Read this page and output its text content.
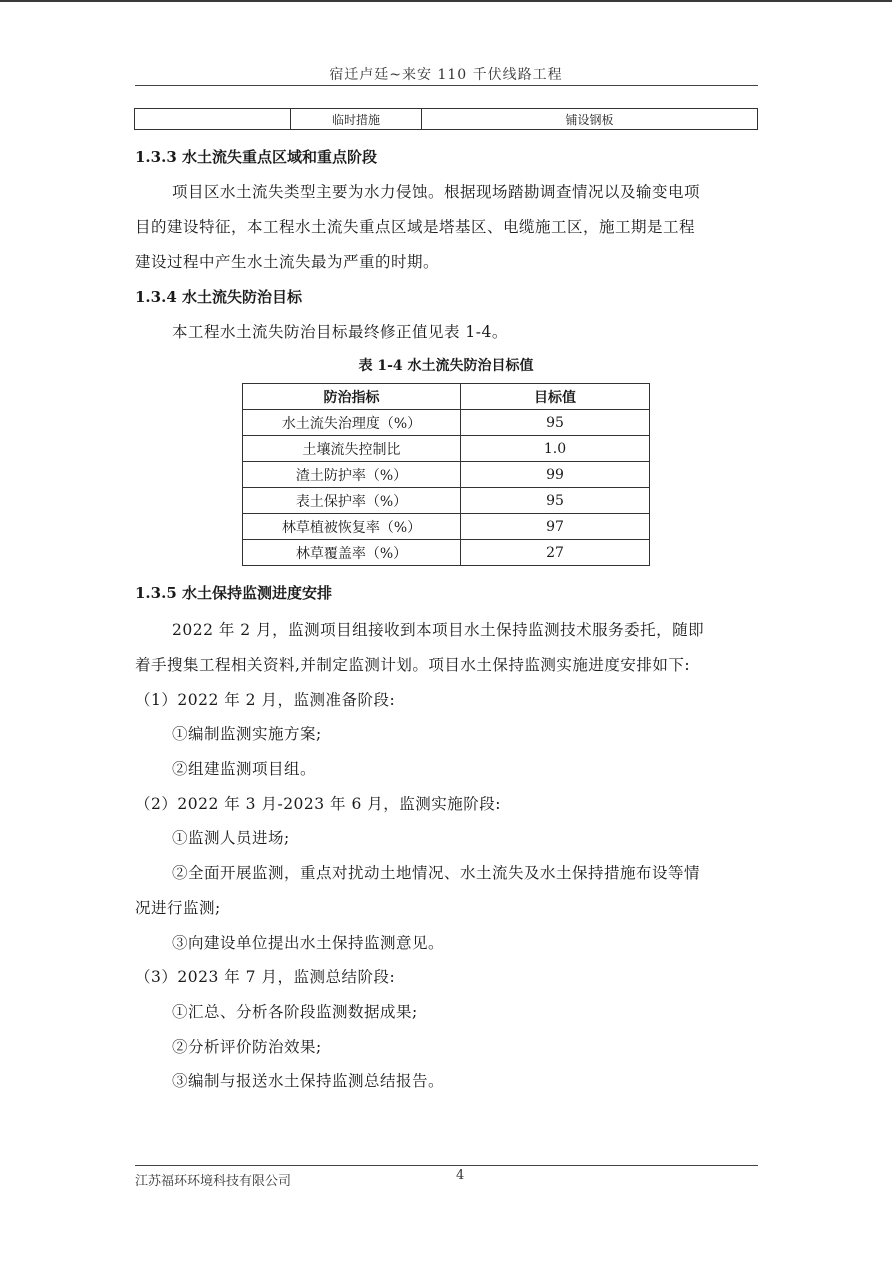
宿迁卢廷~来安 110 千伏线路工程
	临时措施	铺设钢板
1.3.3 水土流失重点区域和重点阶段
项目区水土流失类型主要为水力侵蚀。根据现场踏勘调查情况以及输变电项
目的建设特征，本工程水土流失重点区域是塔基区、电缆施工区，施工期是工程
建设过程中产生水土流失最为严重的时期。
1.3.4 水土流失防治目标
本工程水土流失防治目标最终修正值见表 1-4。
表 1-4 水土流失防治目标值
防治指标	目标值
水土流失治理度（%）	95
土壤流失控制比	1.0
渣土防护率（%）	99
表土保护率（%）	95
林草植被恢复率（%）	97
林草覆盖率（%）	27
1.3.5 水土保持监测进度安排
2022 年 2 月，监测项目组接收到本项目水土保持监测技术服务委托，随即
着手搜集工程相关资料,并制定监测计划。项目水土保持监测实施进度安排如下:
（1）2022 年 2 月，监测准备阶段:
①编制监测实施方案;
②组建监测项目组。
（2）2022 年 3 月-2023 年 6 月，监测实施阶段:
①监测人员进场;
②全面开展监测，重点对扰动土地情况、水土流失及水土保持措施布设等情
况进行监测;
③向建设单位提出水土保持监测意见。
（3）2023 年 7 月，监测总结阶段:
①汇总、分析各阶段监测数据成果;
②分析评价防治效果;
③编制与报送水土保持监测总结报告。
江苏福环环境科技有限公司	4
